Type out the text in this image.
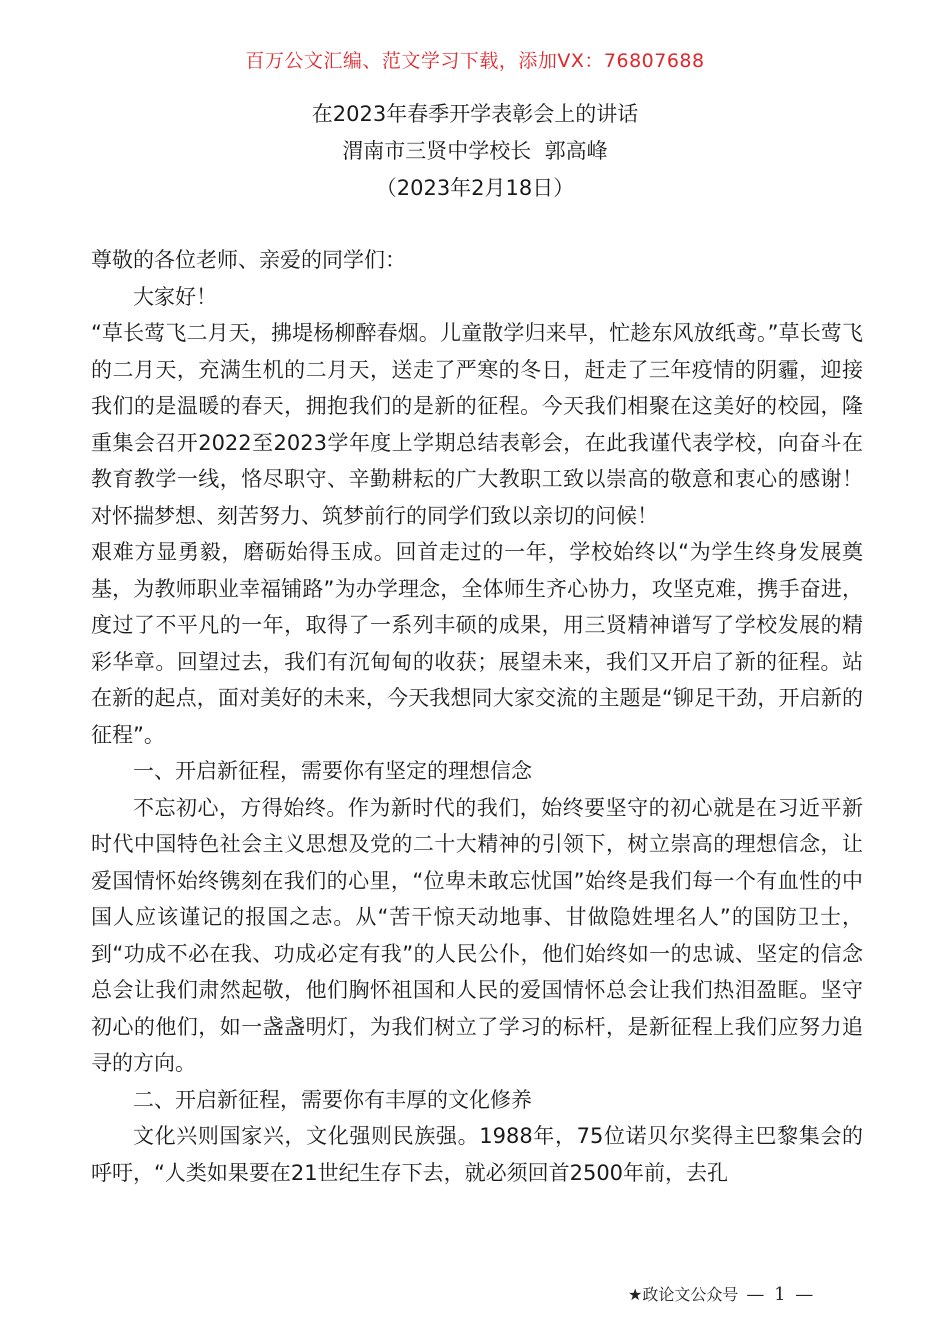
百万公文汇编、范文学习下载，添加VX：76807688
在2023年春季开学表彰会上的讲话
渭南市三贤中学校长  郭高峰
（2023年2月18日）

尊敬的各位老师、亲爱的同学们：

大家好！

“草长莺飞二月天，拂堤杨柳醉春烟。儿童散学归来早，忙趁东风放纸鸢。”草长莺飞的二月天，充满生机的二月天，送走了严寒的冬日，赶走了三年疫情的阴霾，迎接我们的是温暖的春天，拥抱我们的是新的征程。今天我们相聚在这美好的校园，隆重集会召开2022至2023学年度上学期总结表彰会，在此我谨代表学校，向奋斗在教育教学一线，恪尽职守、辛勤耕耘的广大教职工致以崇高的敬意和衷心的感谢！对怀揣梦想、刻苦努力、筑梦前行的同学们致以亲切的问候！

艰难方显勇毅，磨砺始得玉成。回首走过的一年，学校始终以“为学生终身发展奠基，为教师职业幸福铺路”为办学理念，全体师生齐心协力，攻坚克难，携手奋进，度过了不平凡的一年，取得了一系列丰硕的成果，用三贤精神谱写了学校发展的精彩华章。回望过去，我们有沉甸甸的收获；展望未来，我们又开启了新的征程。站在新的起点，面对美好的未来，今天我想同大家交流的主题是“铆足干劲，开启新的征程”。

一、开启新征程，需要你有坚定的理想信念

不忘初心，方得始终。作为新时代的我们，始终要坚守的初心就是在习近平新时代中国特色社会主义思想及党的二十大精神的引领下，树立崇高的理想信念，让爱国情怀始终镌刻在我们的心里，“位卑未敢忘忧国”始终是我们每一个有血性的中国人应该谨记的报国之志。从“苦干惊天动地事、甘做隐姓埋名人”的国防卫士，到“功成不必在我、功成必定有我”的人民公仆，他们始终如一的忠诚、坚定的信念总会让我们肃然起敬，他们胸怀祖国和人民的爱国情怀总会让我们热泪盈眶。坚守初心的他们，如一盏盏明灯，为我们树立了学习的标杆，是新征程上我们应努力追寻的方向。

二、开启新征程，需要你有丰厚的文化修养

文化兴则国家兴，文化强则民族强。1988年，75位诺贝尔奖得主巴黎集会的呼吁，“人类如果要在21世纪生存下去，就必须回首2500年前，去孔

★政论文公众号 — 1 —
